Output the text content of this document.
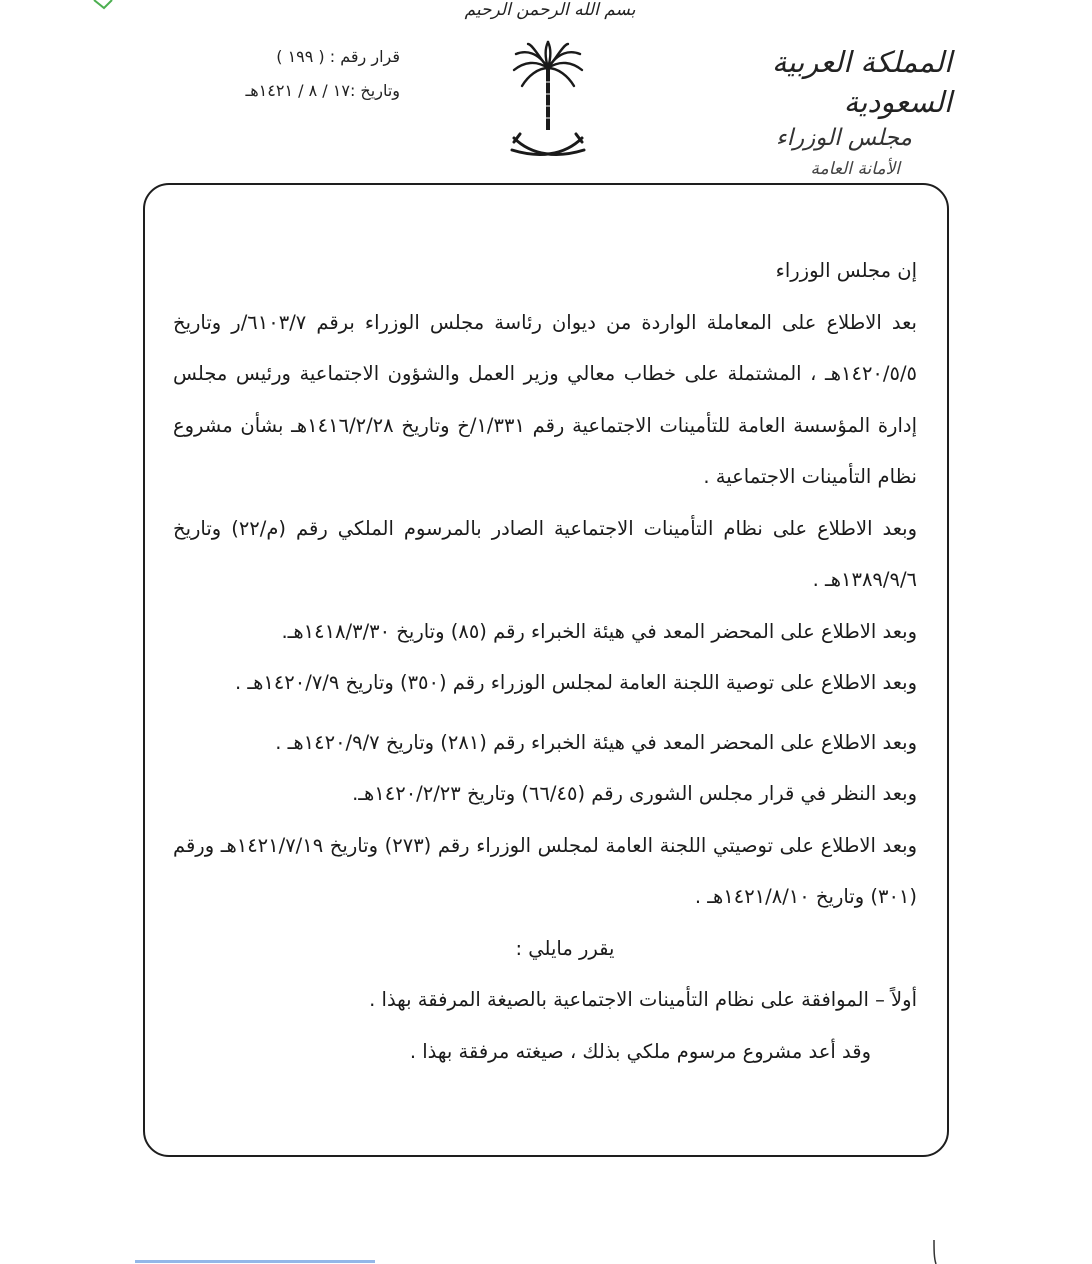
بسم الله الرحمن الرحيم
المملكة العربية السعودية
مجلس الوزراء
الأمانة العامة
قرار رقم : ( ١٩٩ )
وتاريخ :١٧ / ٨ / ١٤٢١هـ
إن مجلس الوزراء
بعد الاطلاع على المعاملة الواردة من ديوان رئاسة مجلس الوزراء برقم ٦١٠٣/٧/ر وتاريخ ١٤٢٠/٥/٥هـ ، المشتملة على خطاب معالي وزير العمل والشؤون الاجتماعية ورئيس مجلس إدارة المؤسسة العامة للتأمينات الاجتماعية رقم ١/٣٣١/خ وتاريخ ١٤١٦/٢/٢٨هـ بشأن مشروع نظام التأمينات الاجتماعية .
وبعد الاطلاع على نظام التأمينات الاجتماعية الصادر بالمرسوم الملكي رقم (م/٢٢) وتاريخ ١٣٨٩/٩/٦هـ .
وبعد الاطلاع على المحضر المعد في هيئة الخبراء رقم (٨٥) وتاريخ ١٤١٨/٣/٣٠هـ.
وبعد الاطلاع على توصية اللجنة العامة لمجلس الوزراء رقم (٣٥٠) وتاريخ ١٤٢٠/٧/٩هـ .
وبعد الاطلاع على المحضر المعد في هيئة الخبراء رقم (٢٨١) وتاريخ ١٤٢٠/٩/٧هـ .
وبعد النظر في قرار مجلس الشورى رقم (٦٦/٤٥) وتاريخ ١٤٢٠/٢/٢٣هـ.
وبعد الاطلاع على توصيتي اللجنة العامة لمجلس الوزراء رقم (٢٧٣) وتاريخ ١٤٢١/٧/١٩هـ ورقم (٣٠١) وتاريخ ١٤٢١/٨/١٠هـ .
يقرر مايلي :
أولاً – الموافقة على نظام التأمينات الاجتماعية بالصيغة المرفقة بهذا .
وقد أعد مشروع مرسوم ملكي بذلك ، صيغته مرفقة بهذا .
